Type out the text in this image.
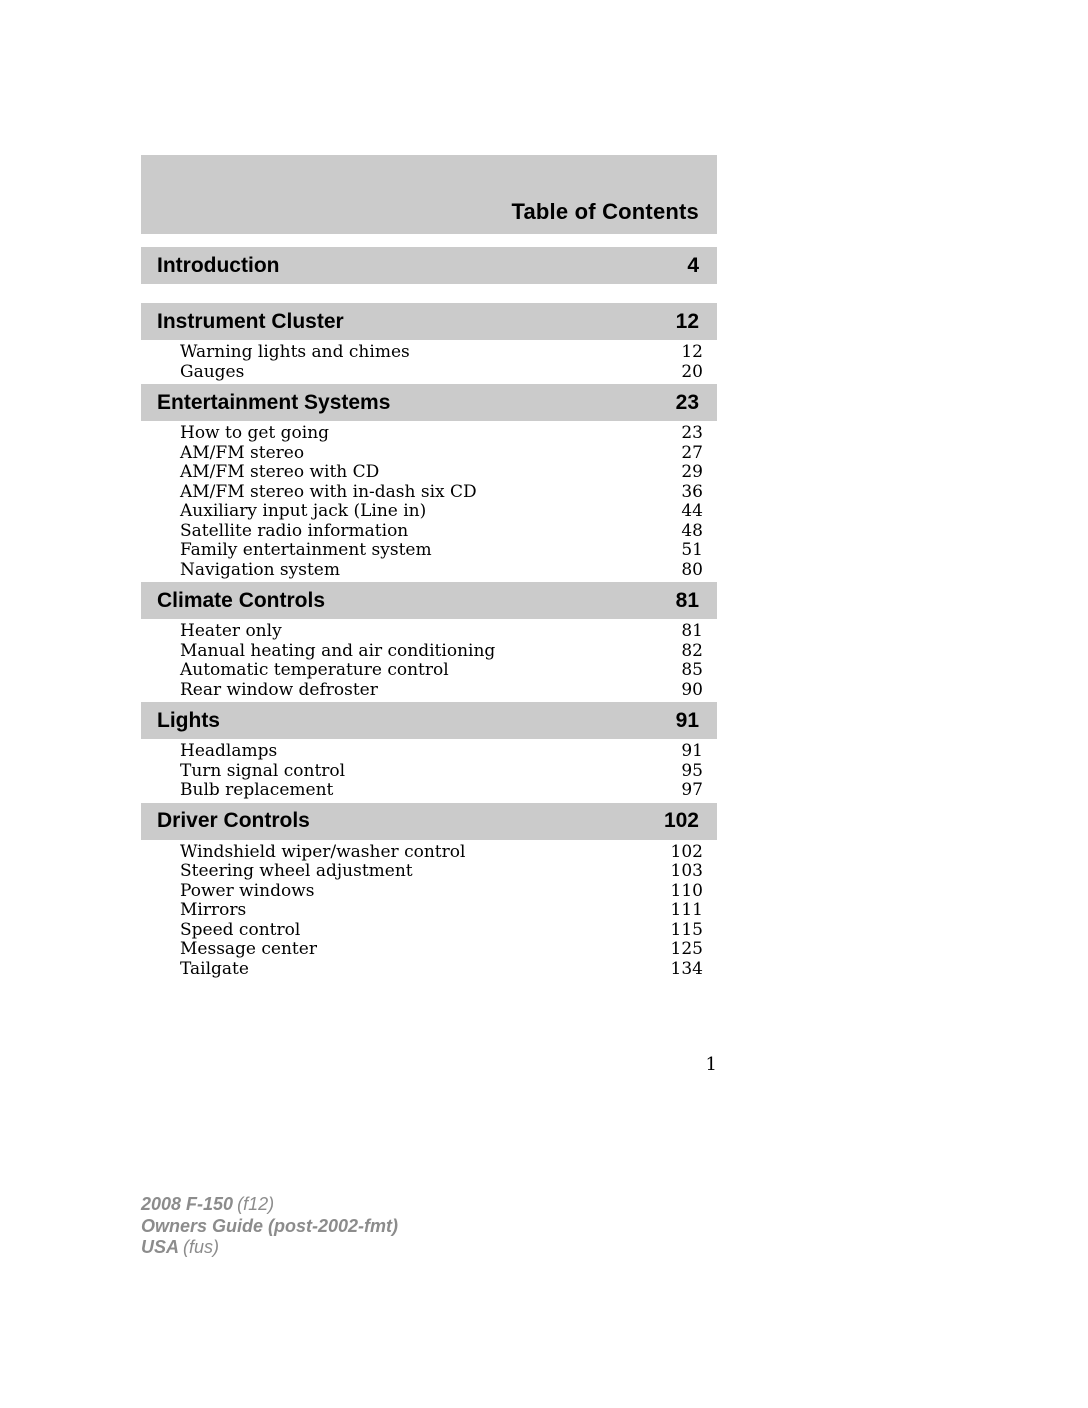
Table of Contents
Introduction	4
Instrument Cluster	12
Warning lights and chimes	12
Gauges	20
Entertainment Systems	23
How to get going	23
AM/FM stereo	27
AM/FM stereo with CD	29
AM/FM stereo with in-dash six CD	36
Auxiliary input jack (Line in)	44
Satellite radio information	48
Family entertainment system	51
Navigation system	80
Climate Controls	81
Heater only	81
Manual heating and air conditioning	82
Automatic temperature control	85
Rear window defroster	90
Lights	91
Headlamps	91
Turn signal control	95
Bulb replacement	97
Driver Controls	102
Windshield wiper/washer control	102
Steering wheel adjustment	103
Power windows	110
Mirrors	111
Speed control	115
Message center	125
Tailgate	134
1
2008 F-150 (f12)
Owners Guide (post-2002-fmt)
USA (fus)
